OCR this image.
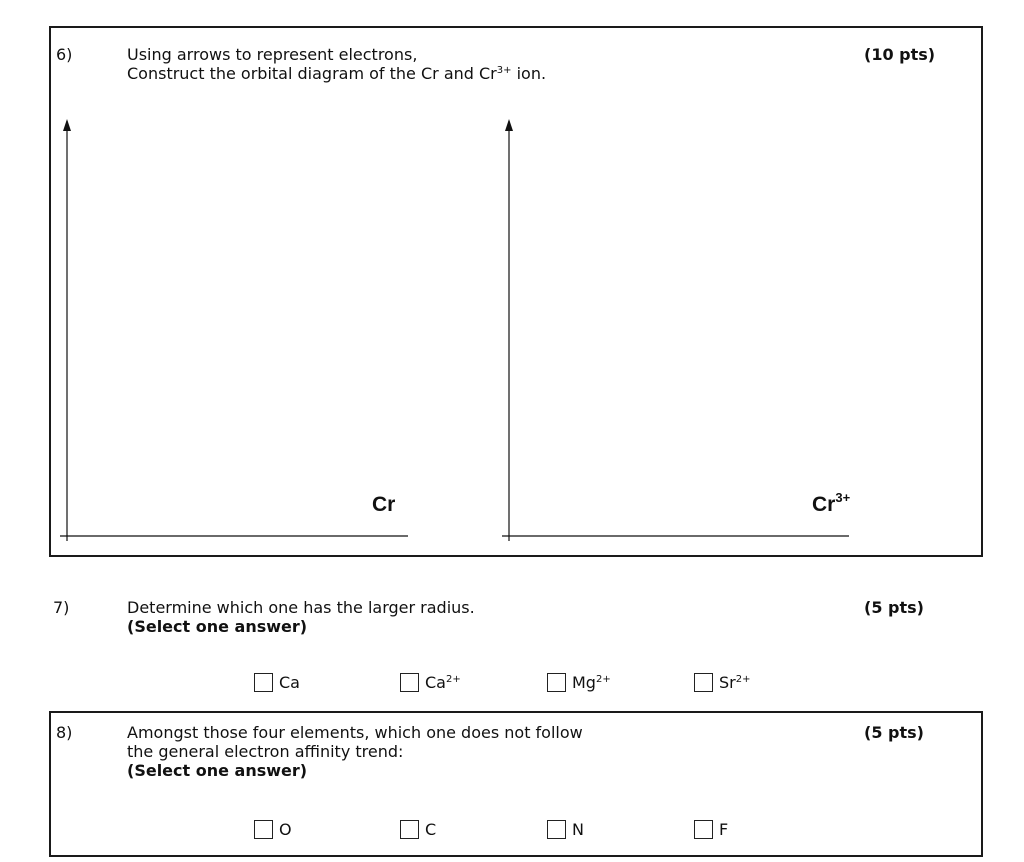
6)	Using arrows to represent electrons,
Construct the orbital diagram of the Cr and $Cr^{3+}$ ion.
(10 pts)
Cr	$Cr^{3+}$
7)	Determine which one has the larger radius.
(Select one answer)
(5 pts)
Ca	$Ca^{2+}$	$Mg^{2+}$	$Sr^{2+}$
8)	Amongst those four elements, which one does not follow
the general electron affinity trend:
(Select one answer)
(5 pts)
O	C	N	F
